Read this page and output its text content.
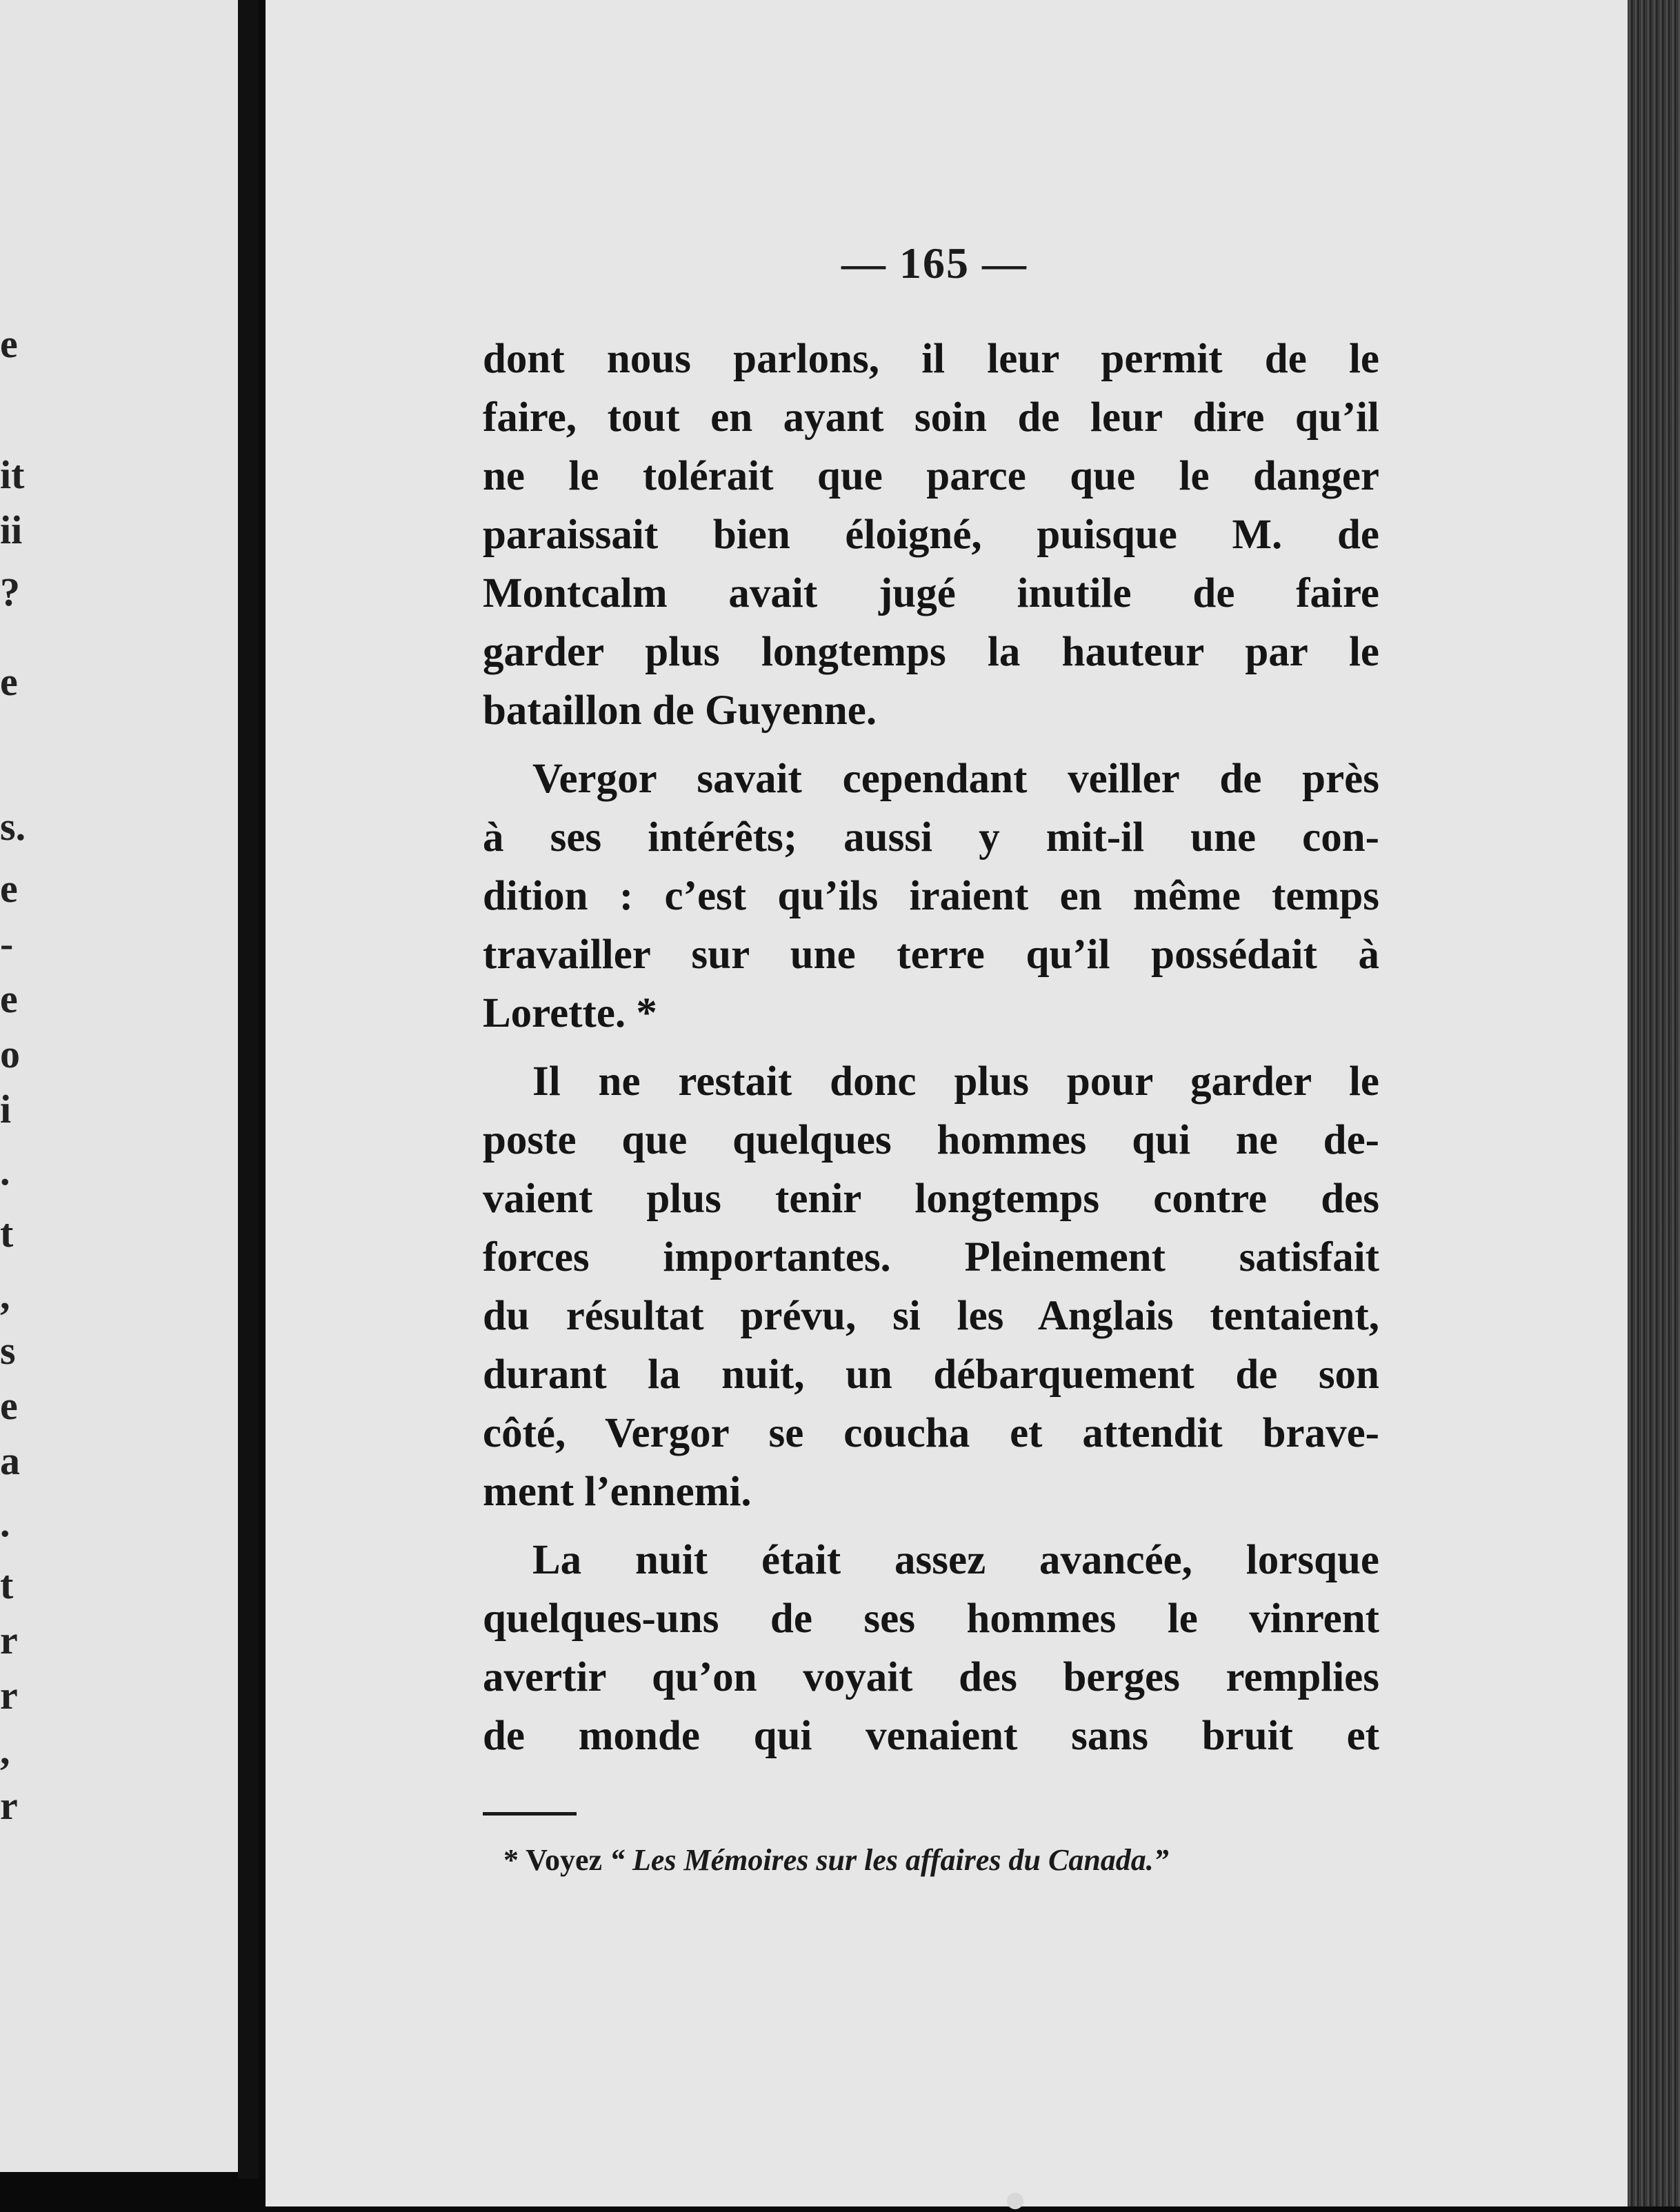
e
it
ii
?
e
s.
e
-
e
o
i
.
t
,
s
e
a
.
t
r
r
,
r
— 165 —
dont nous parlons, il leur permit de le
faire, tout en ayant soin de leur dire qu’il
ne le tolérait que parce que le danger
paraissait bien éloigné, puisque M. de
Montcalm avait jugé inutile de faire
garder plus longtemps la hauteur par le
bataillon de Guyenne.
Vergor savait cependant veiller de près
à ses intérêts; aussi y mit-il une con-
dition : c’est qu’ils iraient en même temps
travailler sur une terre qu’il possédait à
Lorette. *
Il ne restait donc plus pour garder le
poste que quelques hommes qui ne de-
vaient plus tenir longtemps contre des
forces importantes. Pleinement satisfait
du résultat prévu, si les Anglais tentaient,
durant la nuit, un débarquement de son
côté, Vergor se coucha et attendit brave-
ment l’ennemi.
La nuit était assez avancée, lorsque
quelques-uns de ses hommes le vinrent
avertir qu’on voyait des berges remplies
de monde qui venaient sans bruit et
* Voyez “ Les Mémoires sur les affaires du Canada.”
